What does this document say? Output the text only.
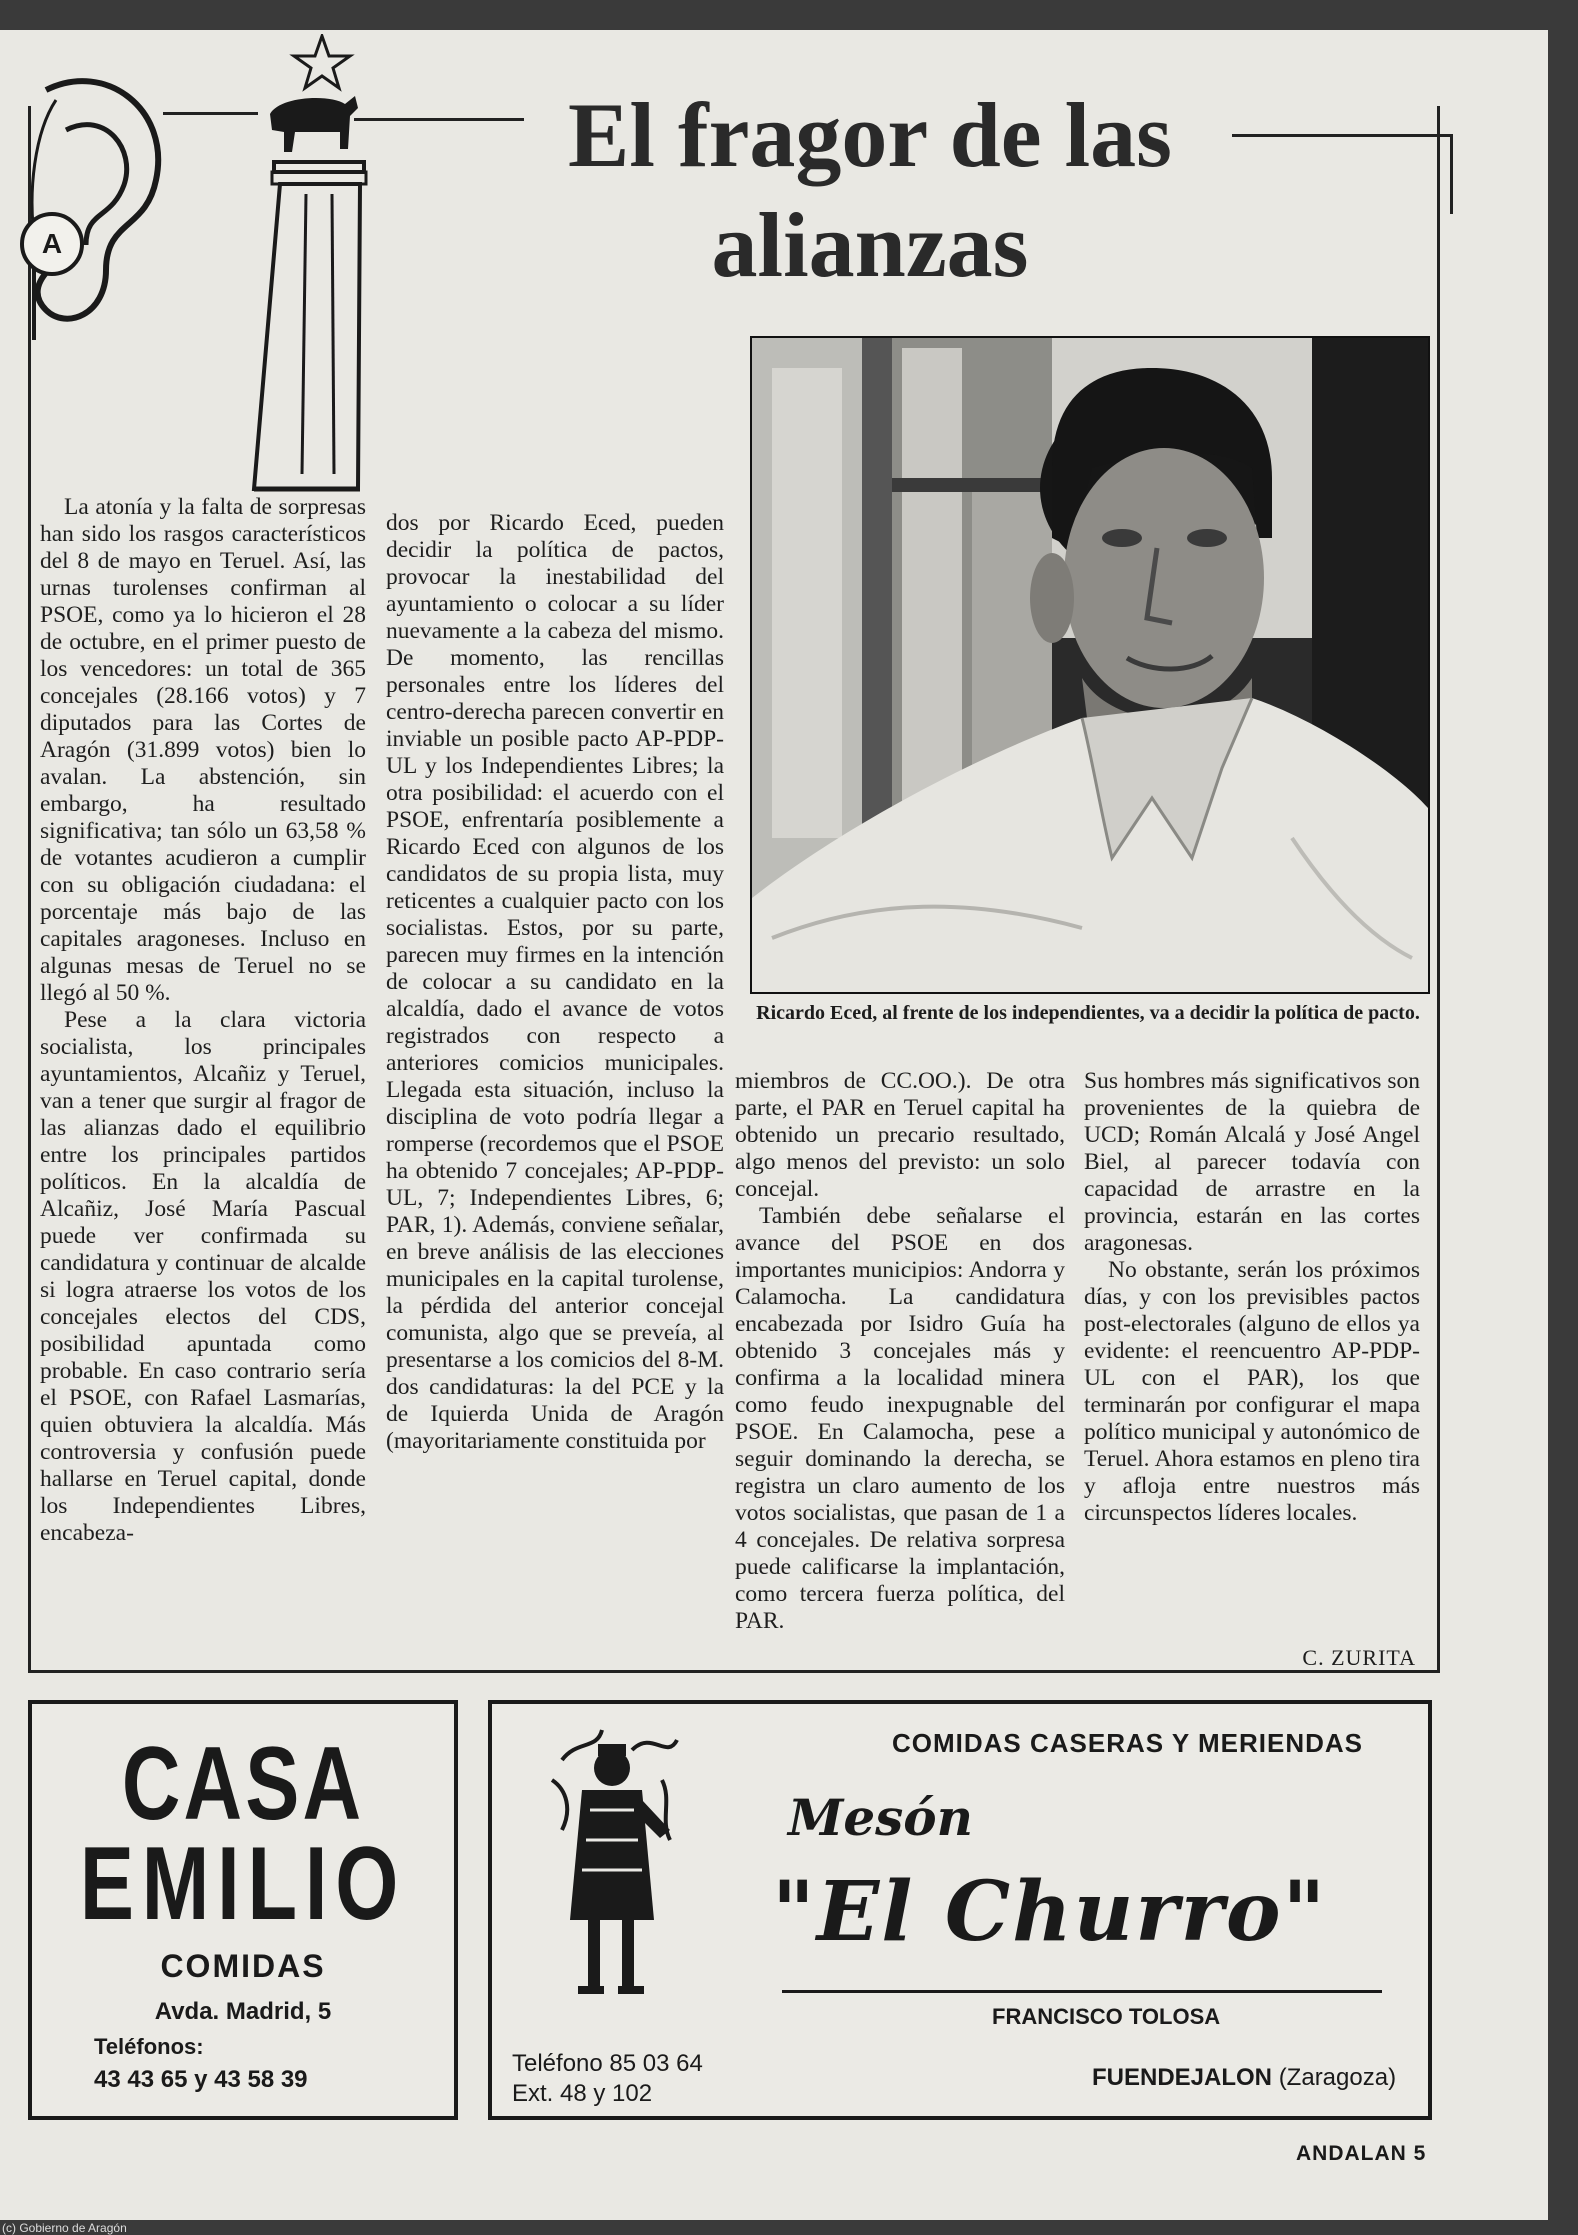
A
El fragor de las
alianzas

Ricardo Eced, al frente de los independientes, va a decidir la política de pacto.

La atonía y la falta de sorpresas han sido los rasgos característicos del 8 de mayo en Teruel. Así, las urnas turolenses confirman al PSOE, como ya lo hicieron el 28 de octubre, en el primer puesto de los vencedores: un total de 365 concejales (28.166 votos) y 7 diputados para las Cortes de Aragón (31.899 votos) bien lo avalan. La abstención, sin embargo, ha resultado significativa; tan sólo un 63,58 % de votantes acudieron a cumplir con su obligación ciudadana: el porcentaje más bajo de las capitales aragoneses. Incluso en algunas mesas de Teruel no se llegó al 50 %.

Pese a la clara victoria socialista, los principales ayuntamientos, Alcañiz y Teruel, van a tener que surgir al fragor de las alianzas dado el equilibrio entre los principales partidos políticos. En la alcaldía de Alcañiz, José María Pascual puede ver confirmada su candidatura y continuar de alcalde si logra atraerse los votos de los concejales electos del CDS, posibilidad apuntada como probable. En caso contrario sería el PSOE, con Rafael Lasmarías, quien obtuviera la alcaldía. Más controversia y confusión puede hallarse en Teruel capital, donde los Independientes Libres, encabeza-

dos por Ricardo Eced, pueden decidir la política de pactos, provocar la inestabilidad del ayuntamiento o colocar a su líder nuevamente a la cabeza del mismo. De momento, las rencillas personales entre los líderes del centro-derecha parecen convertir en inviable un posible pacto AP-PDP-UL y los Independientes Libres; la otra posibilidad: el acuerdo con el PSOE, enfrentaría posiblemente a Ricardo Eced con algunos de los candidatos de su propia lista, muy reticentes a cualquier pacto con los socialistas. Estos, por su parte, parecen muy firmes en la intención de colocar a su candidato en la alcaldía, dado el avance de votos registrados con respecto a anteriores comicios municipales. Llegada esta situación, incluso la disciplina de voto podría llegar a romperse (recordemos que el PSOE ha obtenido 7 concejales; AP-PDP-UL, 7; Independientes Libres, 6; PAR, 1). Además, conviene señalar, en breve análisis de las elecciones municipales en la capital turolense, la pérdida del anterior concejal comunista, algo que se preveía, al presentarse a los comicios del 8-M. dos candidaturas: la del PCE y la de Iquierda Unida de Aragón (mayoritariamente constituida por

miembros de CC.OO.). De otra parte, el PAR en Teruel capital ha obtenido un precario resultado, algo menos del previsto: un solo concejal.

También debe señalarse el avance del PSOE en dos importantes municipios: Andorra y Calamocha. La candidatura encabezada por Isidro Guía ha obtenido 3 concejales más y confirma a la localidad minera como feudo inexpugnable del PSOE. En Calamocha, pese a seguir dominando la derecha, se registra un claro aumento de los votos socialistas, que pasan de 1 a 4 concejales. De relativa sorpresa puede calificarse la implantación, como tercera fuerza política, del PAR.

Sus hombres más significativos son provenientes de la quiebra de UCD; Román Alcalá y José Angel Biel, al parecer todavía con capacidad de arrastre en la provincia, estarán en las cortes aragonesas.

No obstante, serán los próximos días, y con los previsibles pactos post-electorales (alguno de ellos ya evidente: el reencuentro AP-PDP-UL con el PAR), los que terminarán por configurar el mapa político municipal y autonómico de Teruel. Ahora estamos en pleno tira y afloja entre nuestros más circunspectos líderes locales.

C. ZURITA

CASA

EMILIO

COMIDAS

Avda. Madrid, 5

Teléfonos:

43 43 65 y 43 58 39

COMIDAS CASERAS Y MERIENDAS

Mesón

"El Churro"

FRANCISCO TOLOSA

Teléfono 85 03 64

Ext. 48 y 102

FUENDEJALON (Zaragoza)

ANDALAN 5
(c) Gobierno de Aragón
